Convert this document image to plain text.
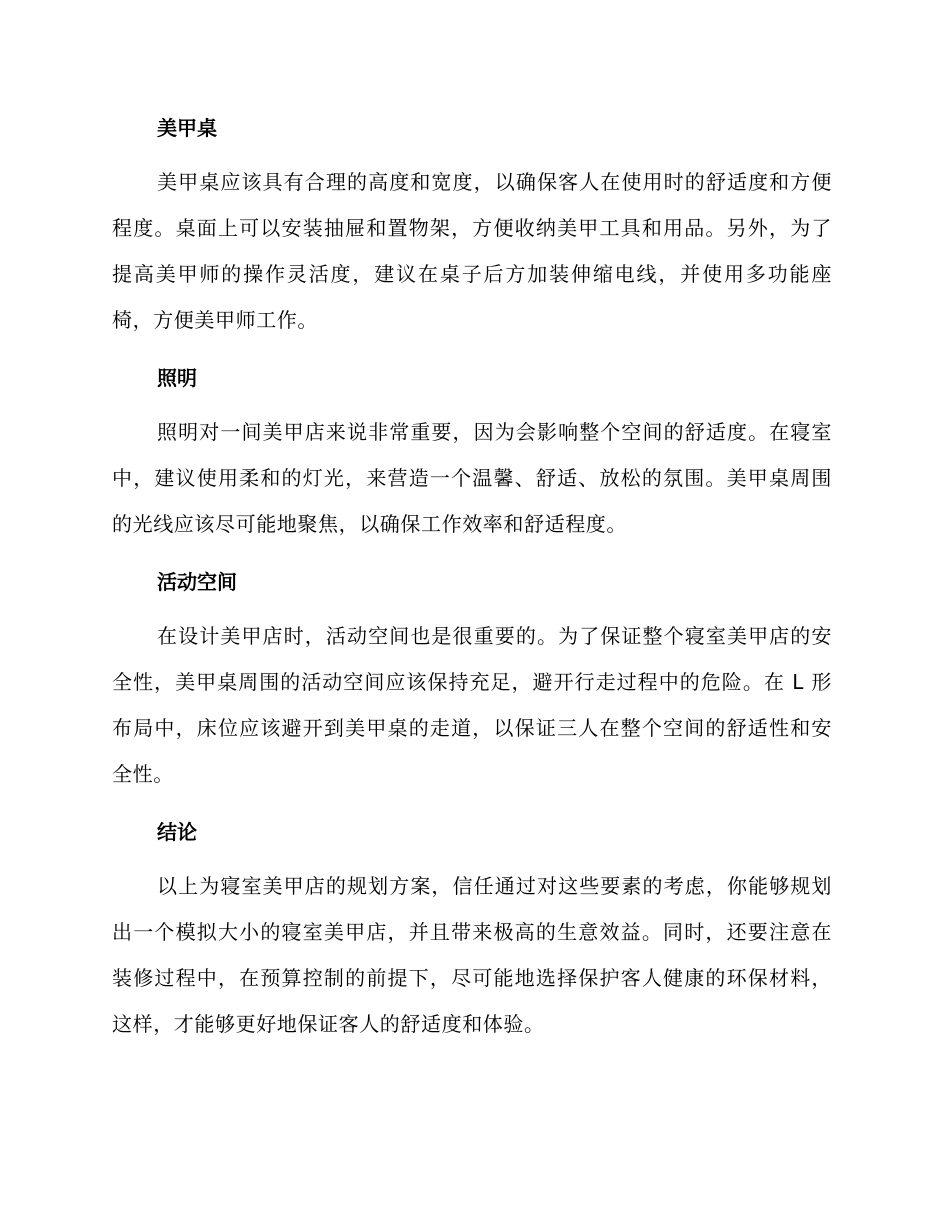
美甲桌

美甲桌应该具有合理的高度和宽度，以确保客人在使用时的舒适度和方便程度。桌面上可以安装抽屉和置物架，方便收纳美甲工具和用品。另外，为了提高美甲师的操作灵活度，建议在桌子后方加装伸缩电线，并使用多功能座椅，方便美甲师工作。

照明

照明对一间美甲店来说非常重要，因为会影响整个空间的舒适度。在寝室中，建议使用柔和的灯光，来营造一个温馨、舒适、放松的氛围。美甲桌周围的光线应该尽可能地聚焦，以确保工作效率和舒适程度。

活动空间

在设计美甲店时，活动空间也是很重要的。为了保证整个寝室美甲店的安全性，美甲桌周围的活动空间应该保持充足，避开行走过程中的危险。在 L 形布局中，床位应该避开到美甲桌的走道，以保证三人在整个空间的舒适性和安全性。

结论

以上为寝室美甲店的规划方案，信任通过对这些要素的考虑，你能够规划出一个模拟大小的寝室美甲店，并且带来极高的生意效益。同时，还要注意在装修过程中，在预算控制的前提下，尽可能地选择保护客人健康的环保材料，这样，才能够更好地保证客人的舒适度和体验。
